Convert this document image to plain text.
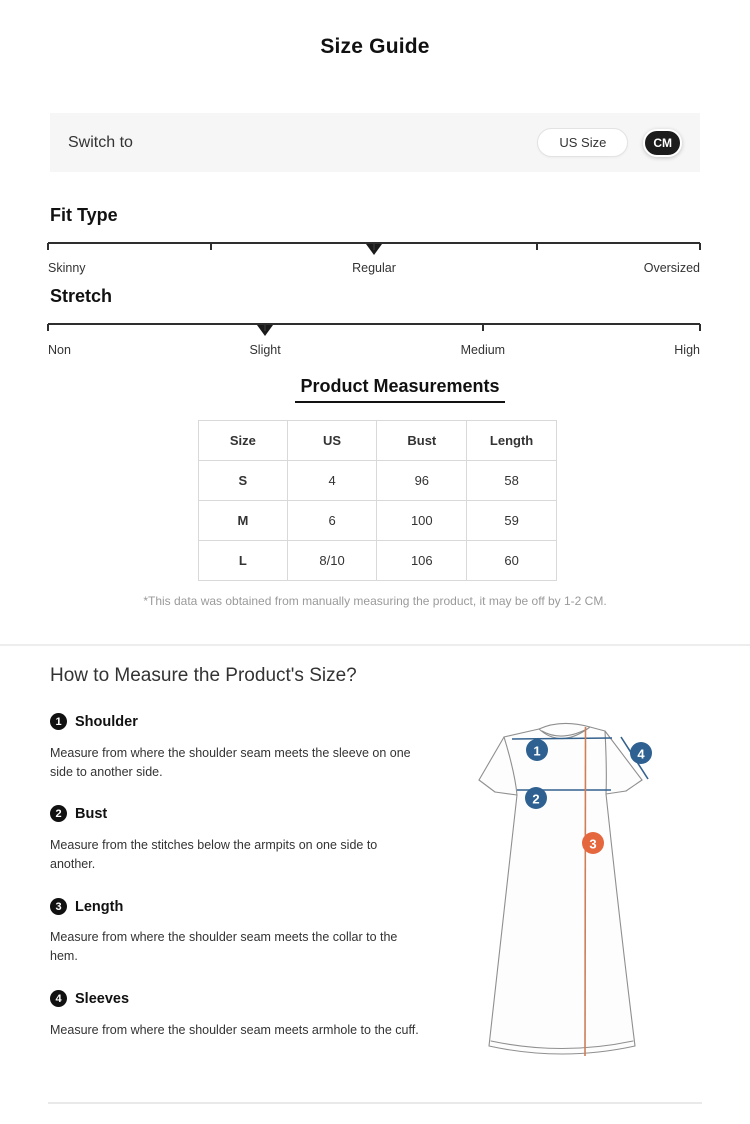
Size Guide
Switch to	US Size	CM
Fit Type
Skinny	Regular	Oversized
Stretch
Non	Slight	Medium	High
Product Measurements
Size	US	Bust	Length
S	4	96	58
M	6	100	59
L	8/10	106	60

*This data was obtained from manually measuring the product, it may be off by 1-2 CM.

How to Measure the Product's Size?
1 Shoulder

Measure from where the shoulder seam meets the sleeve on one side to another side.

2 Bust

Measure from the stitches below the armpits on one side to another.

3 Length

Measure from where the shoulder seam meets the collar to the hem.

4 Sleeves

Measure from where the shoulder seam meets armhole to the cuff.

1
2
3
4
